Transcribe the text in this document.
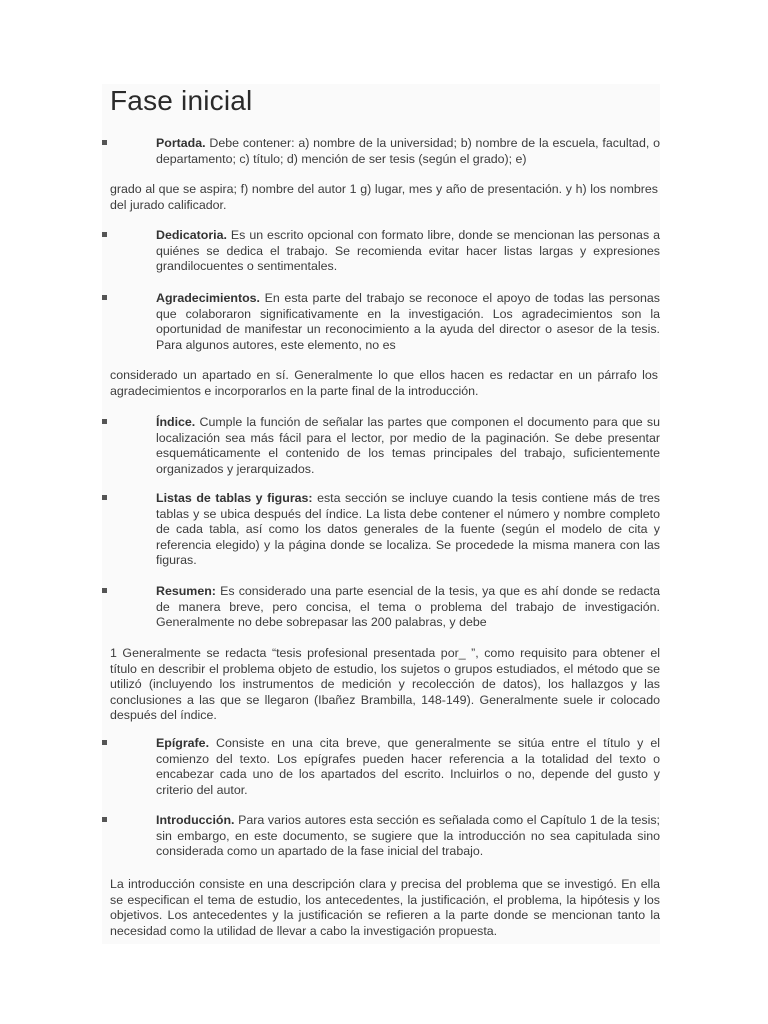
Fase inicial

Portada. Debe contener: a) nombre de la universidad; b) nombre de la escuela, facultad, o departamento; c) título; d) mención de ser tesis (según el grado); e)

grado al que se aspira; f) nombre del autor 1 g) lugar, mes y año de presentación. y h) los nombres del jurado calificador.

Dedicatoria. Es un escrito opcional con formato libre, donde se mencionan las personas a quiénes se dedica el trabajo. Se recomienda evitar hacer listas largas y expresiones grandilocuentes o sentimentales.

Agradecimientos. En esta parte del trabajo se reconoce el apoyo de todas las personas que colaboraron significativamente en la investigación. Los agradecimientos son la oportunidad de manifestar un reconocimiento a la ayuda del director o asesor de la tesis. Para algunos autores, este elemento, no es

considerado un apartado en sí. Generalmente lo que ellos hacen es redactar en un párrafo los agradecimientos e incorporarlos en la parte final de la introducción.

Índice. Cumple la función de señalar las partes que componen el documento para que su localización sea más fácil para el lector, por medio de la paginación. Se debe presentar esquemáticamente el contenido de los temas principales del trabajo, suficientemente organizados y jerarquizados.

Listas de tablas y figuras: esta sección se incluye cuando la tesis contiene más de tres tablas y se ubica después del índice. La lista debe contener el número y nombre completo de cada tabla, así como los datos generales de la fuente (según el modelo de cita y referencia elegido) y la página donde se localiza. Se procedede la misma manera con las figuras.

Resumen: Es considerado una parte esencial de la tesis, ya que es ahí donde se redacta de manera breve, pero concisa, el tema o problema del trabajo de investigación. Generalmente no debe sobrepasar las 200 palabras, y debe

1 Generalmente se redacta “tesis profesional presentada por_ ”, como requisito para obtener el título en describir el problema objeto de estudio, los sujetos o grupos estudiados, el método que se utilizó (incluyendo los instrumentos de medición y recolección de datos), los hallazgos y las conclusiones a las que se llegaron (Ibañez Brambilla, 148-149). Generalmente suele ir colocado después del índice.

Epígrafe. Consiste en una cita breve, que generalmente se sitúa entre el título y el comienzo del texto. Los epígrafes pueden hacer referencia a la totalidad del texto o encabezar cada uno de los apartados del escrito. Incluirlos o no, depende del gusto y criterio del autor.

Introducción. Para varios autores esta sección es señalada como el Capítulo 1 de la tesis; sin embargo, en este documento, se sugiere que la introducción no sea capitulada sino considerada como un apartado de la fase inicial del trabajo.

La introducción consiste en una descripción clara y precisa del problema que se investigó. En ella se especifican el tema de estudio, los antecedentes, la justificación, el problema, la hipótesis y los objetivos. Los antecedentes y la justificación se refieren a la parte donde se mencionan tanto la necesidad como la utilidad de llevar a cabo la investigación propuesta.
